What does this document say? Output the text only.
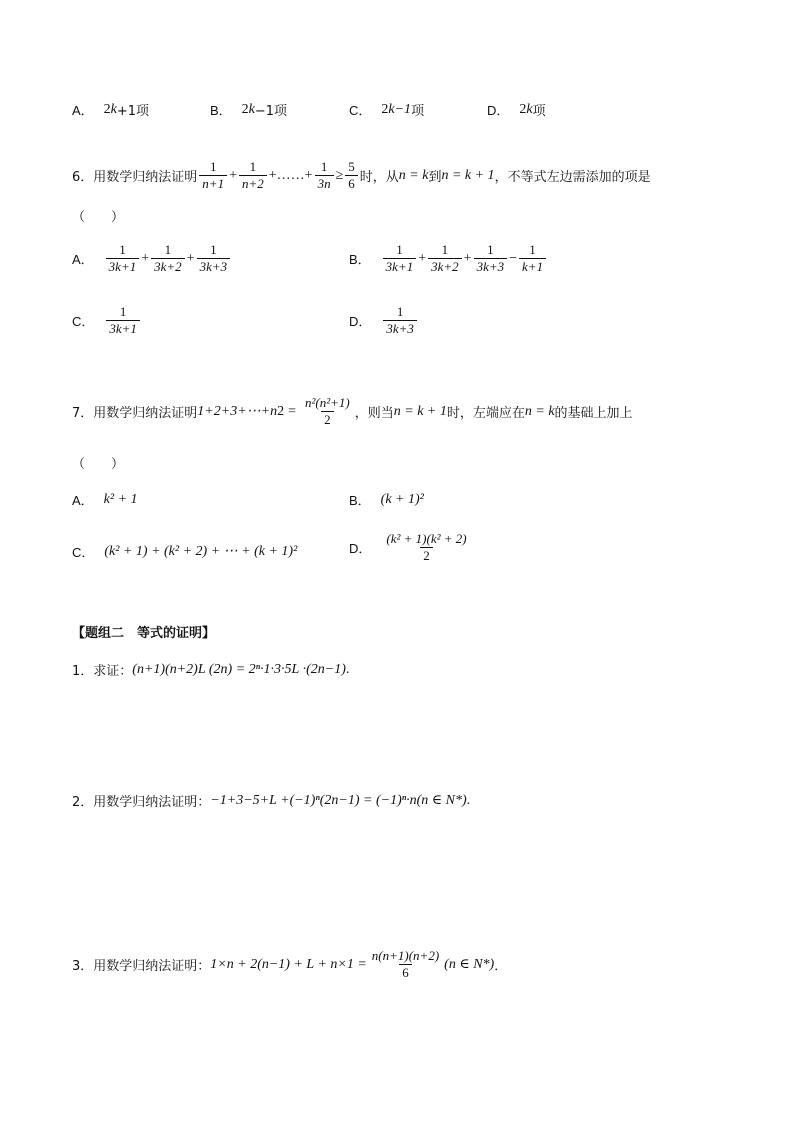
A． 2 k +1项	B． 2 k −1项	C． 2 k−1 项	D． 2 k 项
6． 用数学归纳法证明 $\frac{1}{n+1} + \frac{1}{n+2}$ +……+ $\frac{1}{3n} \ge \frac{5}{6}$ 时，从 n = k 到 n = k + 1 ，不等式左边需添加的项是
（　　）
A． $\frac{1}{3k+1} + \frac{1}{3k+2} + \frac{1}{3k+3}$	B． $\frac{1}{3k+1} + \frac{1}{3k+2} + \frac{1}{3k+3} - \frac{1}{k+1}$
C． $\frac{1}{3k+1}$	D． $\frac{1}{3k+3}$
7． 用数学归纳法证明 1+2+3+⋯+n $2 = \frac{\text{n²(n²+1)}}{2}$ ，则当 n = k + 1 时，左端应在 n = k 的基础上加上
（　　）
A． k² + 1	B． (k + 1)²
C． (k² + 1) + (k² + 2) + ⋯ + (k + 1)²	D． $\frac{\text{(k² + 1)(k² + 2)}}{2}$
【题组二　等式的证明】
1． 求证： (n+1)(n+2)L (2n) = 2ⁿ·1·3·5L ·(2n−1) .
2． 用数学归纳法证明： −1+3−5+L +(−1)ⁿ(2n−1) = (−1)ⁿ·n(n ∈ N*) .
3． 用数学归纳法证明： $1\times n + 2(n-1) + L + n\times 1 = \frac{n(n+1)(n+2)}{6} (n$ ∈ N*) ．
